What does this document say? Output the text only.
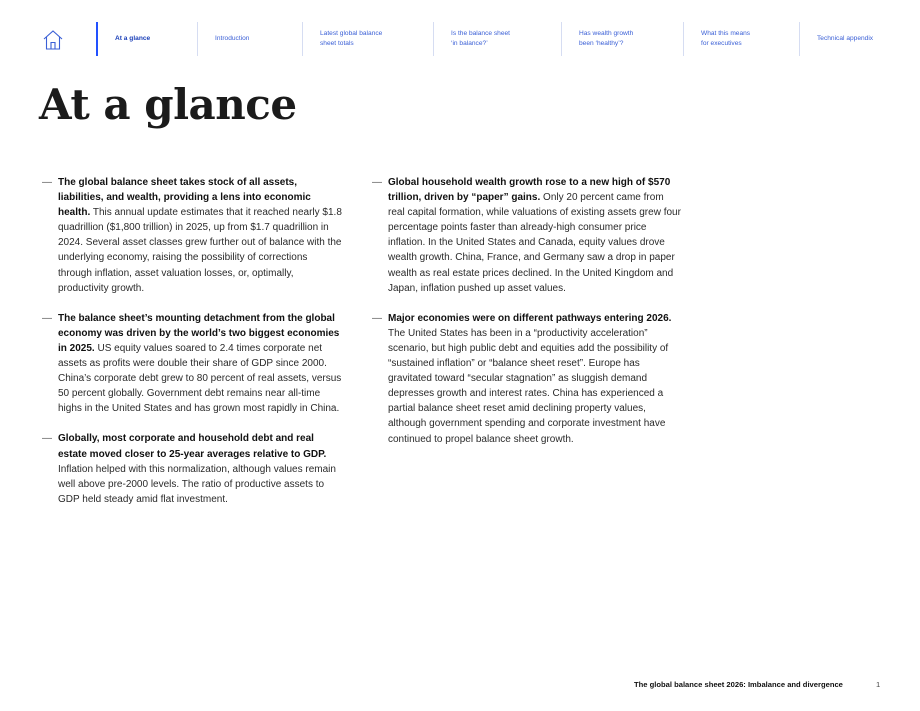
At a glance	Introduction
Latest global balance
sheet totals
Is the balance sheet
‘in balance?’
Has wealth growth
been ‘healthy’?
What this means
for executives
Technical appendix
At a glance
— The global balance sheet takes stock of all assets, liabilities, and wealth, providing a lens into economic health. This annual update estimates that it reached nearly $1.8 quadrillion ($1,800 trillion) in 2025, up from $1.7 quadrillion in 2024. Several asset classes grew further out of balance with the underlying economy, raising the possibility of corrections through inflation, asset valuation losses, or, optimally, productivity growth.
— The balance sheet’s mounting detachment from the global economy was driven by the world’s two biggest economies in 2025. US equity values soared to 2.4 times corporate net assets as profits were double their share of GDP since 2000. China’s corporate debt grew to 80 percent of real assets, versus 50 percent globally. Government debt remains near all-time highs in the United States and has grown most rapidly in China.
— Globally, most corporate and household debt and real estate moved closer to 25-year averages relative to GDP. Inflation helped with this normalization, although values remain well above pre-2000 levels. The ratio of productive assets to GDP held steady amid flat investment.
— Global household wealth growth rose to a new high of $570 trillion, driven by “paper” gains. Only 20 percent came from real capital formation, while valuations of existing assets grew four percentage points faster than already-high consumer price inflation. In the United States and Canada, equity values drove wealth growth. China, France, and Germany saw a drop in paper wealth as real estate prices declined. In the United Kingdom and Japan, inflation pushed up asset values.
— Major economies were on different pathways entering 2026. The United States has been in a “productivity acceleration” scenario, but high public debt and equities add the possibility of “sustained inflation” or “balance sheet reset”. Europe has gravitated toward “secular stagnation” as sluggish demand depresses growth and interest rates. China has experienced a partial balance sheet reset amid declining property values, although government spending and corporate investment have continued to propel balance sheet growth.
The global balance sheet 2026: Imbalance and divergence	1
